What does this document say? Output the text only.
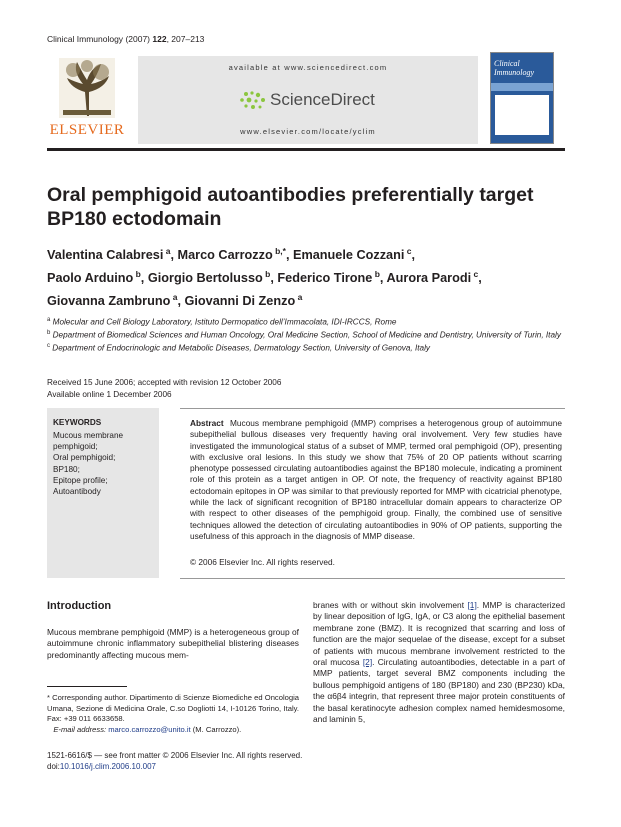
Clinical Immunology (2007) 122, 207–213
ELSEVIER
available at www.sciencedirect.com
ScienceDirect
www.elsevier.com/locate/yclim
Clinical Immunology
Oral pemphigoid autoantibodies preferentially target BP180 ectodomain
Valentina Calabresi $^a$, Marco Carrozzo $^{b,*}$, Emanuele Cozzani $^c$,
Paolo Arduino $^b$, Giorgio Bertolusso $^b$, Federico Tirone $^b$, Aurora Parodi $^c$,
Giovanna Zambruno $^a$, Giovanni Di Zenzo $^a$

$^a$ Molecular and Cell Biology Laboratory, Istituto Dermopatico dell’Immacolata, IDI-IRCCS, Rome

$^b$ Department of Biomedical Sciences and Human Oncology, Oral Medicine Section, School of Medicine and Dentistry, University of Turin, Italy

$^c$ Department of Endocrinologic and Metabolic Diseases, Dermatology Section, University of Genova, Italy

Received 15 June 2006; accepted with revision 12 October 2006
Available online 1 December 2006
KEYWORDS
Mucous membrane pemphigoid;
Oral pemphigoid;
BP180;
Epitope profile;
Autoantibody
Abstract Mucous membrane pemphigoid (MMP) comprises a heterogenous group of autoimmune subepithelial bullous diseases very frequently having oral involvement. Very few studies have investigated the immunological status of a subset of MMP, termed oral pemphigoid (OP), presenting with exclusive oral lesions. In this study we show that 75% of 20 OP patients without scarring phenotype possessed circulating autoantibodies against the BP180 molecule, indicating a prominent role of this protein as a target antigen in OP. Of note, the frequency of reactivity against BP180 ectodomain epitopes in OP was similar to that previously reported for MMP with cicatricial phenotype, while the lack of significant recognition of BP180 intracellular domain appears to characterize OP with respect to other diseases of the pemphigoid group. Finally, the combined use of sensitive techniques allowed the detection of circulating autoantibodies in 90% of OP patients, supporting the usefulness of this approach in the diagnosis of MMP disease.
© 2006 Elsevier Inc. All rights reserved.
Introduction
Mucous membrane pemphigoid (MMP) is a heterogeneous group of autoimmune chronic inflammatory subepithelial blistering diseases predominantly affecting mucous mem-
branes with or without skin involvement [1]. MMP is characterized by linear deposition of IgG, IgA, or C3 along the epithelial basement membrane zone (BMZ). It is recognized that scarring and loss of function are the major sequelae of the disease, except for a subset of patients with mucous membrane involvement restricted to the oral mucosa [2]. Circulating autoantibodies, detectable in a part of MMP patients, target several BMZ components including the bullous pemphigoid antigens of 180 (BP180) and 230 (BP230) kDa, the α6β4 integrin, that represent three major protein constituents of the basal keratinocyte adhesion complex named hemidesmosome, and laminin 5,
* Corresponding author. Dipartimento di Scienze Biomediche ed Oncologia Umana, Sezione di Medicina Orale, C.so Dogliotti 14, I-10126 Torino, Italy. Fax: +39 011 6633658.
E-mail address: marco.carrozzo@unito.it (M. Carrozzo).
1521-6616/$ — see front matter © 2006 Elsevier Inc. All rights reserved.
doi:10.1016/j.clim.2006.10.007
